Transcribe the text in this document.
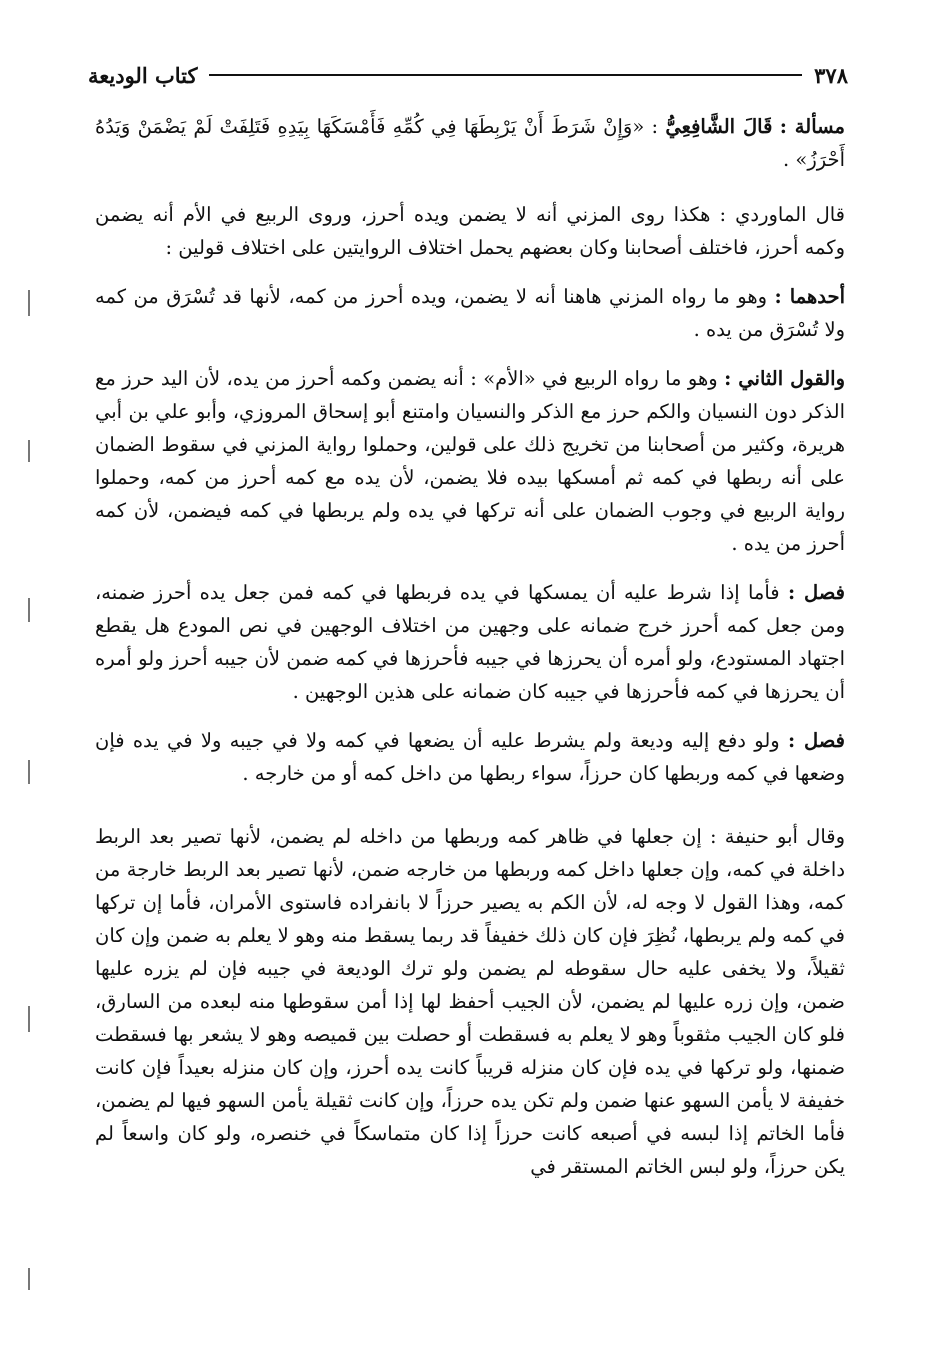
٣٧٨
كتاب الوديعة

مسألة : قَالَ الشَّافِعِيُّ : «وَإِنْ شَرَطَ أَنْ يَرْبِطَهَا فِي كُمِّهِ فَأَمْسَكَهَا بِيَدِهِ فَتَلِفَتْ لَمْ يَضْمَنْ وَيَدُهُ أَحْرَزُ» .

قال الماوردي : هكذا روى المزني أنه لا يضمن ويده أحرز، وروى الربيع في الأم أنه يضمن وكمه أحرز، فاختلف أصحابنا وكان بعضهم يحمل اختلاف الروايتين على اختلاف قولين :

أحدهما : وهو ما رواه المزني هاهنا أنه لا يضمن، ويده أحرز من كمه، لأنها قد تُسْرَق من كمه ولا تُسْرَق من يده .

والقول الثاني : وهو ما رواه الربيع في «الأم» : أنه يضمن وكمه أحرز من يده، لأن اليد حرز مع الذكر دون النسيان والكم حرز مع الذكر والنسيان وامتنع أبو إسحاق المروزي، وأبو علي بن أبي هريرة، وكثير من أصحابنا من تخريج ذلك على قولين، وحملوا رواية المزني في سقوط الضمان على أنه ربطها في كمه ثم أمسكها بيده فلا يضمن، لأن يده مع كمه أحرز من كمه، وحملوا رواية الربيع في وجوب الضمان على أنه تركها في يده ولم يربطها في كمه فيضمن، لأن كمه أحرز من يده .

فصل : فأما إذا شرط عليه أن يمسكها في يده فربطها في كمه فمن جعل يده أحرز ضمنه، ومن جعل كمه أحرز خرج ضمانه على وجهين من اختلاف الوجهين في نص المودع هل يقطع اجتهاد المستودع، ولو أمره أن يحرزها في جيبه فأحرزها في كمه ضمن لأن جيبه أحرز ولو أمره أن يحرزها في كمه فأحرزها في جيبه كان ضمانه على هذين الوجهين .

فصل : ولو دفع إليه وديعة ولم يشرط عليه أن يضعها في كمه ولا في جيبه ولا في يده فإن وضعها في كمه وربطها كان حرزاً، سواء ربطها من داخل كمه أو من خارجه .

وقال أبو حنيفة : إن جعلها في ظاهر كمه وربطها من داخله لم يضمن، لأنها تصير بعد الربط داخلة في كمه، وإن جعلها داخل كمه وربطها من خارجه ضمن، لأنها تصير بعد الربط خارجة من كمه، وهذا القول لا وجه له، لأن الكم به يصير حرزاً لا بانفراده فاستوى الأمران، فأما إن تركها في كمه ولم يربطها، نُظِرَ فإن كان ذلك خفيفاً قد ربما يسقط منه وهو لا يعلم به ضمن وإن كان ثقيلاً، ولا يخفى عليه حال سقوطه لم يضمن ولو ترك الوديعة في جيبه فإن لم يزره عليها ضمن، وإن زره عليها لم يضمن، لأن الجيب أحفظ لها إذا أمن سقوطها منه لبعده من السارق، فلو كان الجيب مثقوباً وهو لا يعلم به فسقطت أو حصلت بين قميصه وهو لا يشعر بها فسقطت ضمنها، ولو تركها في يده فإن كان منزله قريباً كانت يده أحرز، وإن كان منزله بعيداً فإن كانت خفيفة لا يأمن السهو عنها ضمن ولم تكن يده حرزاً، وإن كانت ثقيلة يأمن السهو فيها لم يضمن، فأما الخاتم إذا لبسه في أصبعه كانت حرزاً إذا كان متماسكاً في خنصره، ولو كان واسعاً لم يكن حرزاً، ولو لبس الخاتم المستقر في
